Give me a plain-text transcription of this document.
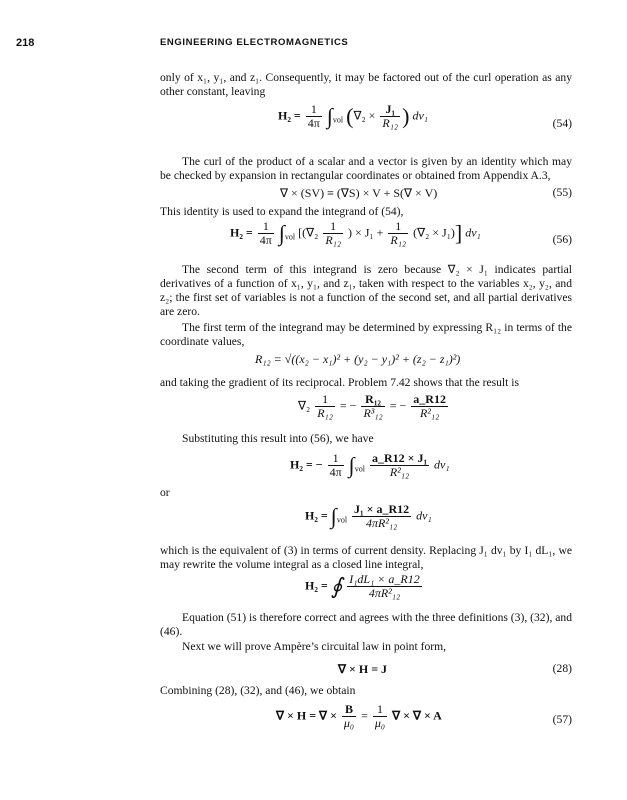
218	ENGINEERING ELECTROMAGNETICS

only of x₁, y₁, and z₁. Consequently, it may be factored out of the curl operation as any other constant, leaving

$H_2 = \frac{1}{4\pi} \int_{vol}$ ($\nabla_2 \times \frac{\text{J₁}}{\text{R₁₂}}$ ) dv₁
(54)

The curl of the product of a scalar and a vector is given by an identity which may be checked by expansion in rectangular coordinates or obtained from Appendix A.3,

∇ × (SV) ≡ (∇S) × V + S(∇ × V)	(55)

This identity is used to expand the integrand of (54),

$H_2 = \frac{1}{4\pi} \int_{vol}$ [($\nabla_2 \frac{1}{\text{R₁₂}}$ ) × $J_1 + \frac{1}{\text{R₁₂}} (\nabla_2 \times J_1)$] dv₁
(56)

The second term of this integrand is zero because ∇₂ × J₁ indicates partial derivatives of a function of x₁, y₁, and z₁, taken with respect to the variables x₂, y₂, and z₂; the first set of variables is not a function of the second set, and all partial derivatives are zero.

The first term of the integrand may be determined by expressing R₁₂ in terms of the coordinate values,

R₁₂ = √((x₂ − x₁)² + (y₂ − y₁)² + (z₂ − z₁)²)

and taking the gradient of its reciprocal. Problem 7.42 shows that the result is

$\nabla_2 \frac{1}{\text{R₁₂}}$ = − $\frac{\text{R₁₂}}{\text{R³₁₂}}$ = − $\frac{a\_R12}{\text{R²₁₂}}$

Substituting this result into (56), we have

H₂ = − $\frac{1}{4\pi} \int_{vol} \frac{\text{a\_R12 × J₁}}{\text{R²₁₂}} dv_1$

or

$H_2 = \int_{vol} \frac{\text{J₁ × a\_R12}}{\text{4πR²₁₂}} dv_1$

which is the equivalent of (3) in terms of current density. Replacing J₁ dv₁ by I₁ dL₁, we may rewrite the volume integral as a closed line integral,

H₂ = ∮ $\frac{\text{I₁dL₁ × a\_R12}}{\text{4πR²₁₂}}$

Equation (51) is therefore correct and agrees with the three definitions (3), (32), and (46).

Next we will prove Ampère’s circuital law in point form,

∇ × H = J	(28)

Combining (28), (32), and (46), we obtain

∇ × H = ∇ × $\frac{B}{\text{μ₀}} = \frac{1}{\text{μ₀}}$ ∇ × ∇ × A	(57)
